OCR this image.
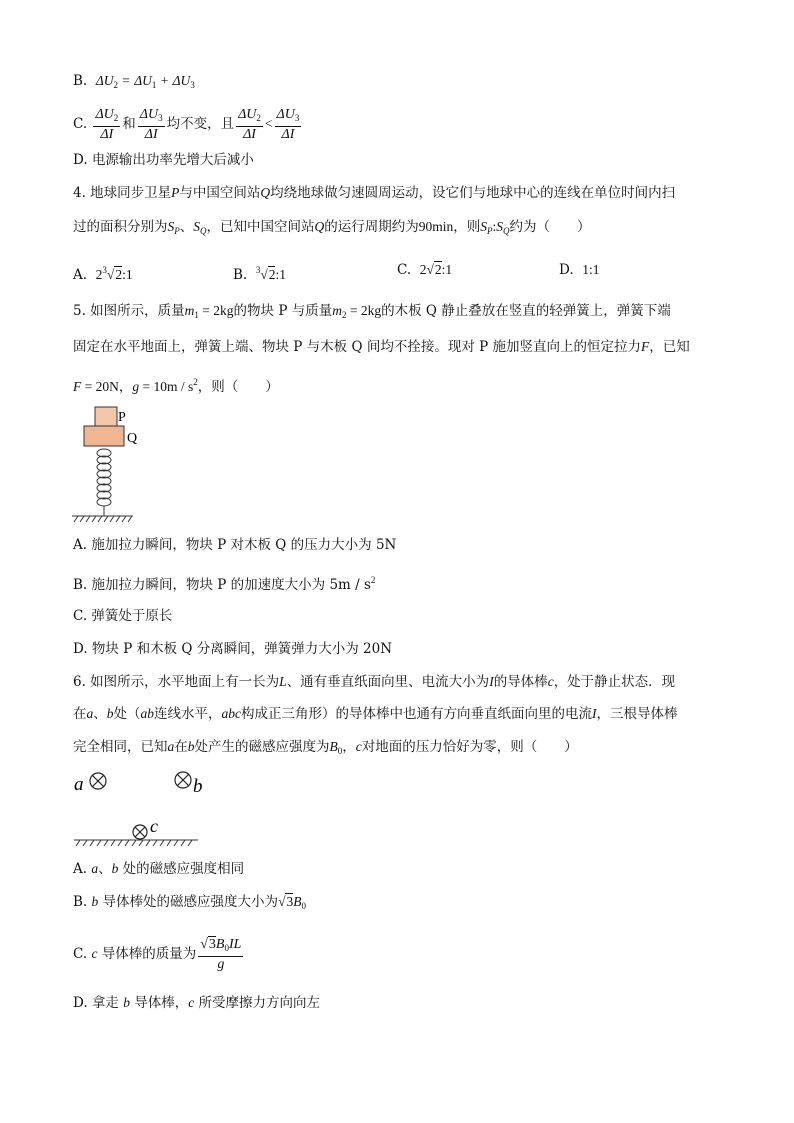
B. $\Delta U_2 = \Delta U_1 + \Delta U_3$
C. $\frac{\Delta U_2}{\Delta I}$ 和 $\frac{\Delta U_3}{\Delta I}$ 均不变，且 $\frac{\Delta U_2}{\Delta I} < \frac{\Delta U_3}{\Delta I}$
D. 电源输出功率先增大后减小
4. 地球同步卫星P与中国空间站Q均绕地球做匀速圆周运动，设它们与地球中心的连线在单位时间内扫
过的面积分别为$S_P$、$S_Q$，已知中国空间站Q的运行周期约为90min，则$S_P:S_Q$约为（　　）
A. $2^3√2:1$	B. $^3$√2:1	C. 2√2:1	D. 1:1
5. 如图所示，质量$m_1 = 2kg$的物块 P 与质量$m_2 = 2kg$的木板 Q 静止叠放在竖直的轻弹簧上，弹簧下端
固定在水平地面上，弹簧上端、物块 P 与木板 Q 间均不拴接。现对 P 施加竖直向上的恒定拉力F，已知
F = 20N，$g = 10m / s^2$，则（　　）
P
Q
A. 施加拉力瞬间，物块 P 对木板 Q 的压力大小为 5N
B. 施加拉力瞬间，物块 P 的加速度大小为 $5m / s^2$
C. 弹簧处于原长
D. 物块 P 和木板 Q 分离瞬间，弹簧弹力大小为 20N
6. 如图所示，水平地面上有一长为L、通有垂直纸面向里、电流大小为I的导体棒c，处于静止状态．现
在a、b处（ab连线水平，abc构成正三角形）的导体棒中也通有方向垂直纸面向里的电流I，三根导体棒
完全相同，已知a在b处产生的磁感应强度为$B_0$，c对地面的压力恰好为零，则（　　）
a	b
c
A. a、b 处的磁感应强度相同
B. b 导体棒处的磁感应强度大小为$√3B_0$
C. c 导体棒的质量为 $\frac{√3B_0IL}{g}$
D. 拿走 b 导体棒，c 所受摩擦力方向向左
